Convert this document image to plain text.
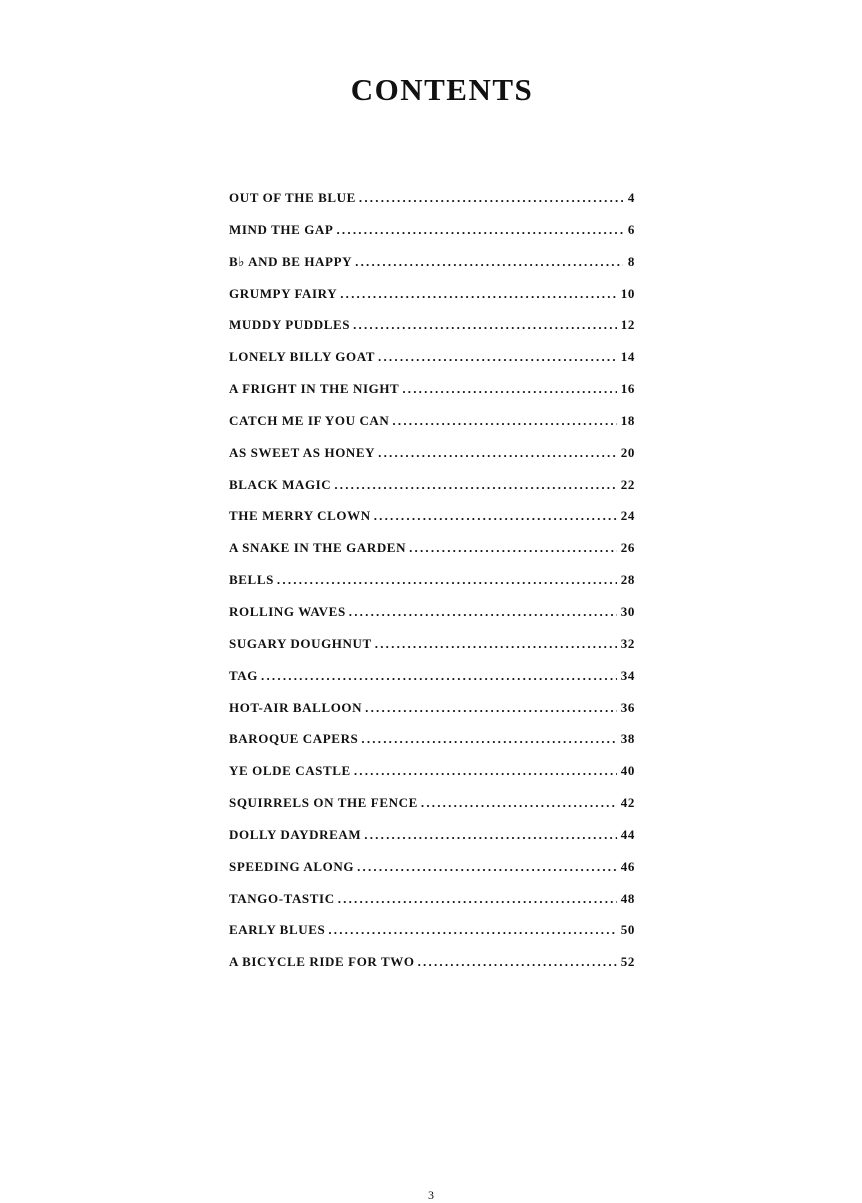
CONTENTS
OUT OF THE BLUE .....	4
MIND THE GAP .....	6
B♭ AND BE HAPPY .....	8
GRUMPY FAIRY .....	10
MUDDY PUDDLES .....	12
LONELY BILLY GOAT .....	14
A FRIGHT IN THE NIGHT .....	16
CATCH ME IF YOU CAN .....	18
AS SWEET AS HONEY .....	20
BLACK MAGIC .....	22
THE MERRY CLOWN .....	24
A SNAKE IN THE GARDEN .....	26
BELLS .....	28
ROLLING WAVES .....	30
SUGARY DOUGHNUT .....	32
TAG .....	34
HOT-AIR BALLOON .....	36
BAROQUE CAPERS .....	38
YE OLDE CASTLE .....	40
SQUIRRELS ON THE FENCE .....	42
DOLLY DAYDREAM .....	44
SPEEDING ALONG .....	46
TANGO-TASTIC .....	48
EARLY BLUES .....	50
A BICYCLE RIDE FOR TWO .....	52
3
